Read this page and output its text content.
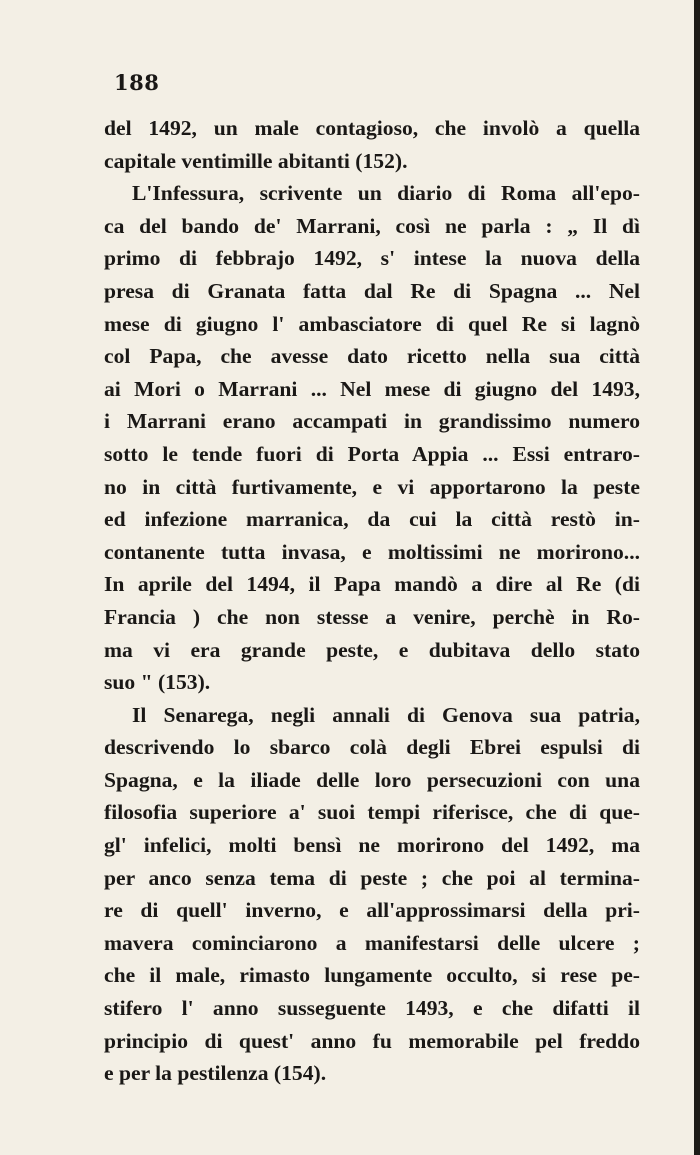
188
del 1492, un male contagioso, che involò a quella
capitale ventimille abitanti (152).
L'Infessura, scrivente un diario di Roma all'epo-
ca del bando de' Marrani, così ne parla : „ Il dì
primo di febbrajo 1492, s' intese la nuova della
presa di Granata fatta dal Re di Spagna ... Nel
mese di giugno l' ambasciatore di quel Re si lagnò
col Papa, che avesse dato ricetto nella sua città
ai Mori o Marrani ... Nel mese di giugno del 1493,
i Marrani erano accampati in grandissimo numero
sotto le tende fuori di Porta Appia ... Essi entraro-
no in città furtivamente, e vi apportarono la peste
ed infezione marranica, da cui la città restò in-
contanente tutta invasa, e moltissimi ne morirono...
In aprile del 1494, il Papa mandò a dire al Re (di
Francia ) che non stesse a venire, perchè in Ro-
ma vi era grande peste, e dubitava dello stato
suo " (153).
Il Senarega, negli annali di Genova sua patria,
descrivendo lo sbarco colà degli Ebrei espulsi di
Spagna, e la iliade delle loro persecuzioni con una
filosofia superiore a' suoi tempi riferisce, che di que-
gl' infelici, molti bensì ne morirono del 1492, ma
per anco senza tema di peste ; che poi al termina-
re di quell' inverno, e all'approssimarsi della pri-
mavera cominciarono a manifestarsi delle ulcere ;
che il male, rimasto lungamente occulto, si rese pe-
stifero l' anno susseguente 1493, e che difatti il
principio di quest' anno fu memorabile pel freddo
e per la pestilenza (154).
